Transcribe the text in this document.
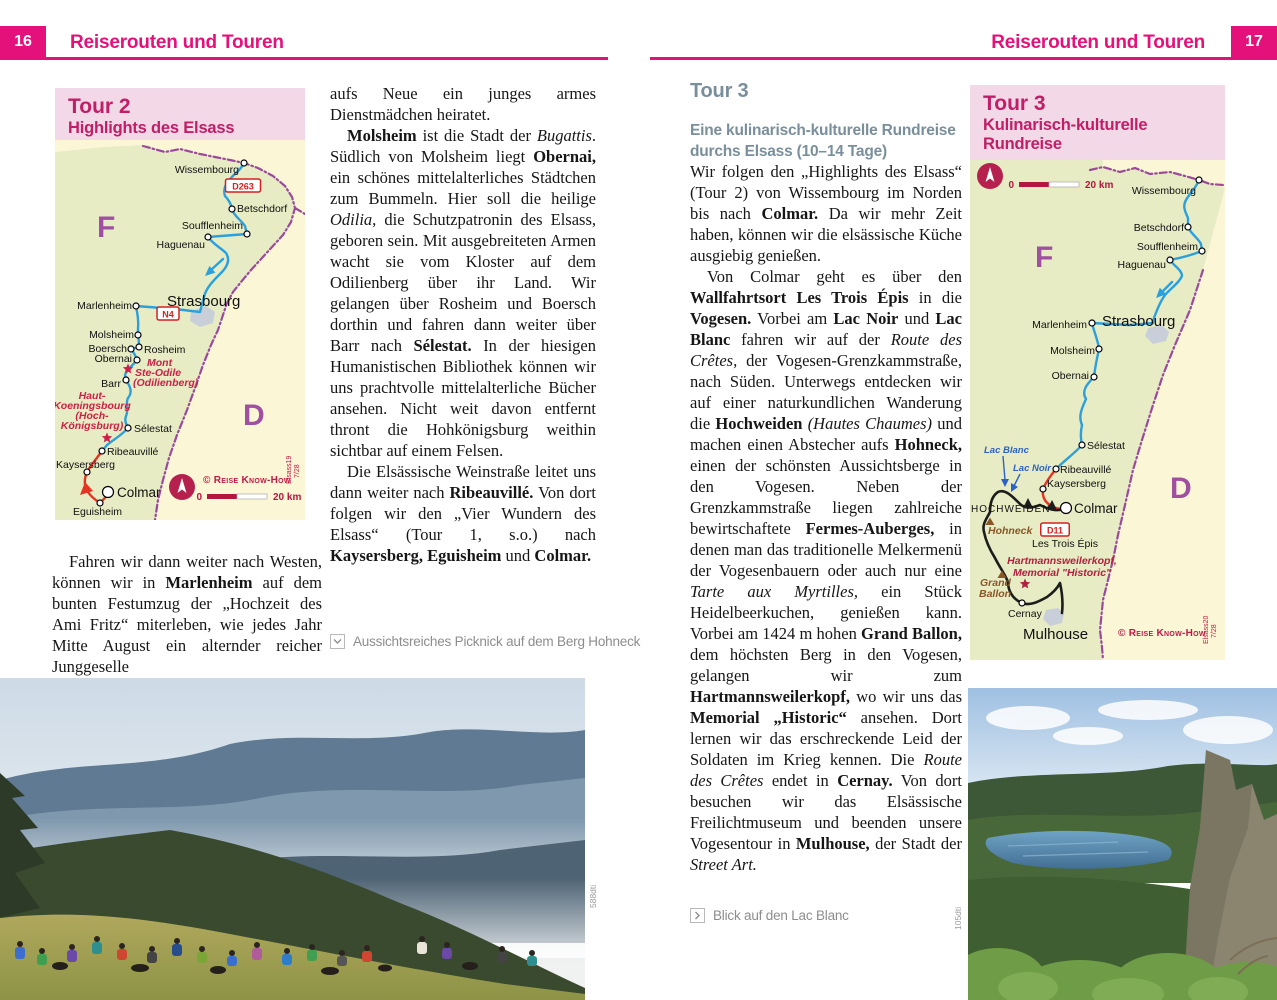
16	Reiserouten und Touren
Tour 2
Highlights des Elsass
D263
N4
0	20 km
Wissembourg
Betschdorf
Soufflenheim
Haguenau
Strasbourg
Marlenheim
Molsheim
Boersch Rosheim
Obernai
Barr
Sélestat
Ribeauvillé
Kaysersberg
Colmar
Eguisheim
Mont
Ste-Odile
(Odilienberg)
Haut-
Koeningsbourg
(Hoch-
Königsburg)
F
D
© Reise Know-How
Elsass19 7/28

Fahren wir dann weiter nach Westen, können wir in Marlenheim auf dem bunten Festumzug der „Hochzeit des Ami Fritz“ miterleben, wie jedes Jahr Mitte August ein alternder reicher Junggeselle

aufs Neue ein junges armes Dienstmädchen heiratet.

Molsheim ist die Stadt der Bugattis. Südlich von Molsheim liegt Obernai, ein schönes mittelalterliches Städtchen zum Bummeln. Hier soll die heilige Odilia, die Schutzpatronin des Elsass, geboren sein. Mit ausgebreiteten Armen wacht sie vom Kloster auf dem Odilienberg über ihr Land. Wir gelangen über Rosheim und Boersch dorthin und fahren dann weiter über Barr nach Sélestat. In der hiesigen Humanistischen Bibliothek können wir uns prachtvolle mittelalterliche Bücher ansehen. Nicht weit davon entfernt thront die Hohkönigsburg weithin sichtbar auf einem Felsen.

Die Elsässische Weinstraße leitet uns dann weiter nach Ribeauvillé. Von dort folgen wir den „Vier Wundern des Elsass“ (Tour 1, s.o.) nach Kaysersberg, Eguisheim und Colmar.

Aussichtsreiches Picknick auf dem Berg Hohneck
588dti
Reiserouten und Touren	17
Tour 3
Eine kulinarisch-kulturelle Rundreise durchs Elsass (10–14 Tage)

Wir folgen den „Highlights des Elsass“ (Tour 2) von Wissembourg im Norden bis nach Colmar. Da wir mehr Zeit haben, können wir die elsässische Küche ausgiebig genießen.

Von Colmar geht es über den Wallfahrtsort Les Trois Épis in die Vogesen. Vorbei am Lac Noir und Lac Blanc fahren wir auf der Route des Crêtes, der Vogesen-Grenzkammstraße, nach Süden. Unterwegs entdecken wir auf einer naturkundlichen Wanderung die Hochweiden (Hautes Chaumes) und machen einen Abstecher aufs Hohneck, einen der schönsten Aussichtsberge in den Vogesen. Neben der Grenzkammstraße liegen zahlreiche bewirtschaftete Fermes-Auberges, in denen man das traditionelle Melkermenü der Vogesenbauern oder auch nur eine Tarte aux Myrtilles, ein Stück Heidelbeerkuchen, genießen kann. Vorbei am 1424 m hohen Grand Ballon, dem höchsten Berg in den Vogesen, gelangen wir zum Hartmannsweilerkopf, wo wir uns das Memorial „Historic“ ansehen. Dort lernen wir das erschreckende Leid der Soldaten im Krieg kennen. Die Route des Crêtes endet in Cernay. Von dort besuchen wir das Elsässische Freilichtmuseum und beenden unsere Vogesentour in Mulhouse, der Stadt der Street Art.

Blick auf den Lac Blanc
Tour 3
Kulinarisch-kulturelle Rundreise
D11
0	20 km Wissembourg
Betschdorf
Soufflenheim
Haguenau
Strasbourg
Marlenheim
Molsheim
Obernai
Sélestat
Ribeauvillé
Kaysersberg
Colmar
Les Trois Épis
Cernay
Mulhouse
HOCHWEIDEN
Lac Blanc
Lac Noir
Hohneck
Grand
Ballon
Hartmannsweilerkopf,
Memorial "Historic"
F
D
© Reise Know-How
Elsass20 7/28
105dti
